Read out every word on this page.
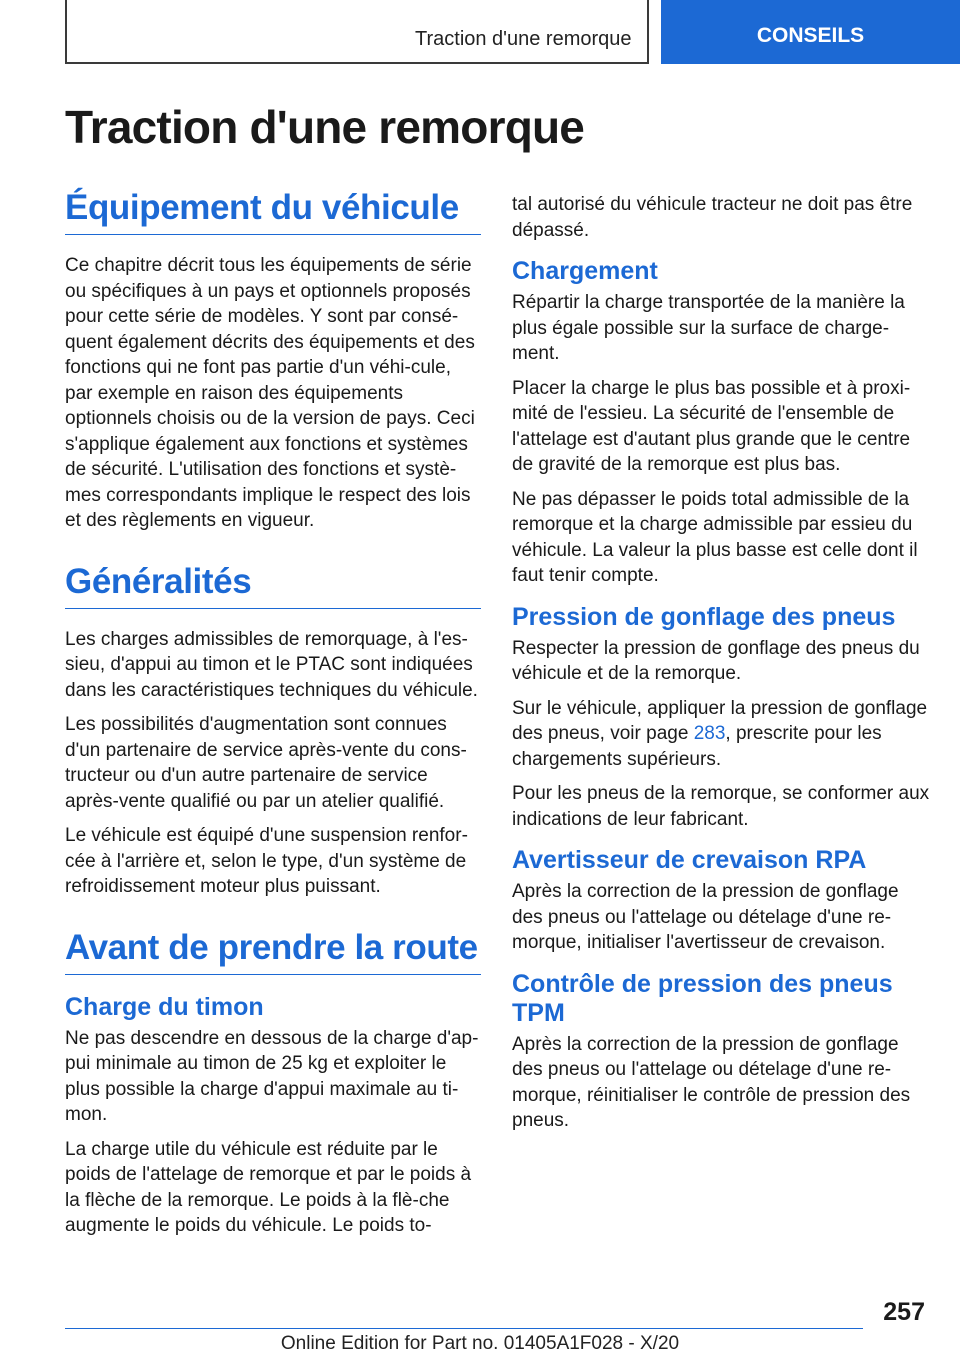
Traction d'une remorque	CONSEILS
Traction d'une remorque
Équipement du véhicule

Ce chapitre décrit tous les équipements de série ou spécifiques à un pays et optionnels proposés pour cette série de modèles. Y sont par consé-quent également décrits des équipements et des fonctions qui ne font pas partie d'un véhi-cule, par exemple en raison des équipements optionnels choisis ou de la version de pays. Ceci s'applique également aux fonctions et systèmes de sécurité. L'utilisation des fonctions et systè-mes correspondants implique le respect des lois et des règlements en vigueur.

Généralités

Les charges admissibles de remorquage, à l'es-sieu, d'appui au timon et le PTAC sont indiquées dans les caractéristiques techniques du véhicule.

Les possibilités d'augmentation sont connues d'un partenaire de service après-vente du cons-tructeur ou d'un autre partenaire de service après-vente qualifié ou par un atelier qualifié.

Le véhicule est équipé d'une suspension renfor-cée à l'arrière et, selon le type, d'un système de refroidissement moteur plus puissant.

Avant de prendre la route
Charge du timon

Ne pas descendre en dessous de la charge d'ap-pui minimale au timon de 25 kg et exploiter le plus possible la charge d'appui maximale au ti-mon.

La charge utile du véhicule est réduite par le poids de l'attelage de remorque et par le poids à la flèche de la remorque. Le poids à la flè-che augmente le poids du véhicule. Le poids to-

tal autorisé du véhicule tracteur ne doit pas être dépassé.

Chargement

Répartir la charge transportée de la manière la plus égale possible sur la surface de charge-ment.

Placer la charge le plus bas possible et à proxi-mité de l'essieu. La sécurité de l'ensemble de l'attelage est d'autant plus grande que le centre de gravité de la remorque est plus bas.

Ne pas dépasser le poids total admissible de la remorque et la charge admissible par essieu du véhicule. La valeur la plus basse est celle dont il faut tenir compte.

Pression de gonflage des pneus

Respecter la pression de gonflage des pneus du véhicule et de la remorque.

Sur le véhicule, appliquer la pression de gonflage des pneus, voir page 283, prescrite pour les chargements supérieurs.

Pour les pneus de la remorque, se conformer aux indications de leur fabricant.

Avertisseur de crevaison RPA

Après la correction de la pression de gonflage des pneus ou l'attelage ou dételage d'une re-morque, initialiser l'avertisseur de crevaison.

Contrôle de pression des pneus TPM

Après la correction de la pression de gonflage des pneus ou l'attelage ou dételage d'une re-morque, réinitialiser le contrôle de pression des pneus.

257
Online Edition for Part no. 01405A1F028 - X/20
